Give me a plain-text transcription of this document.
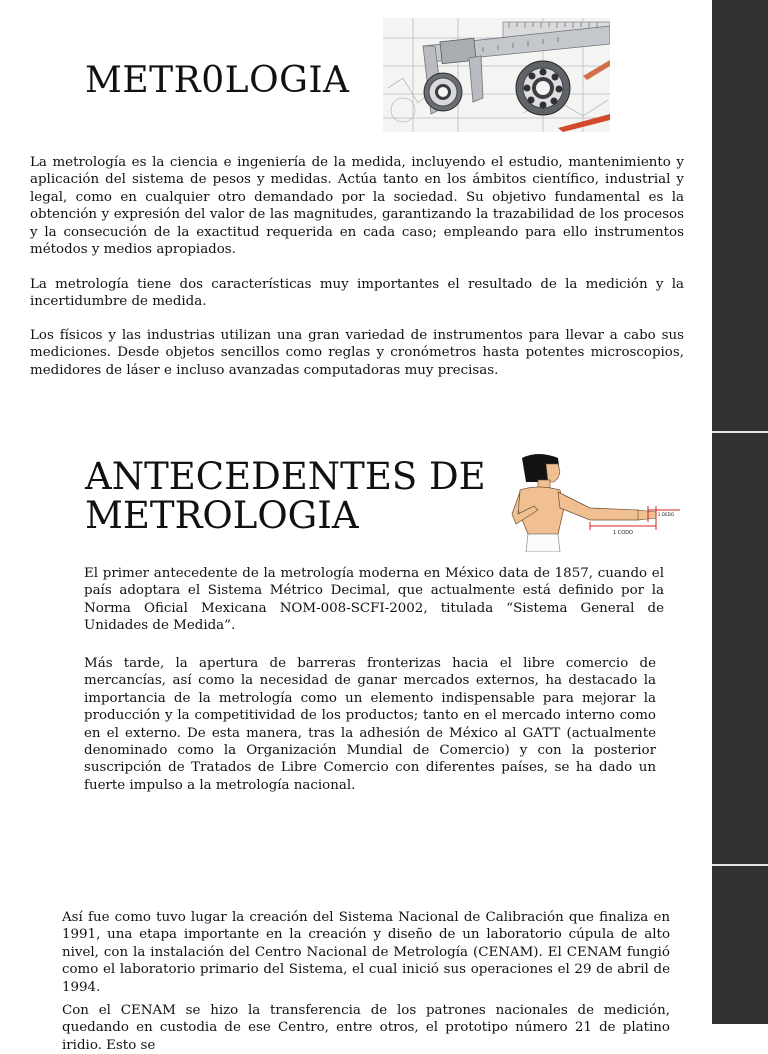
METR0LOGIA

La metrología es la ciencia e ingeniería de la medida, incluyendo el estudio, mantenimiento y aplicación del sistema de pesos y medidas. Actúa tanto en los ámbitos científico, industrial y legal, como en cualquier otro demandado por la sociedad. Su objetivo fundamental es la obtención y expresión del valor de las magnitudes, garantizando la trazabilidad de los procesos y la consecución de la exactitud requerida en cada caso; empleando para ello instrumentos métodos y medios apropiados.

La metrología tiene dos características muy importantes el resultado de la medición y la incertidumbre de medida.

Los físicos y las industrias utilizan una gran variedad de instrumentos para llevar a cabo sus mediciones. Desde objetos sencillos como reglas y cronómetros hasta potentes microscopios, medidores de láser e incluso avanzadas computadoras muy precisas.

ANTECEDENTES DE METROLOGIA	1 CODO
1 DEDO

El primer antecedente de la metrología moderna en México data de 1857, cuando el país adoptara el Sistema Métrico Decimal, que actualmente está definido por la Norma Oficial Mexicana NOM-008-SCFI-2002, titulada “Sistema General de Unidades de Medida”.

Más tarde, la apertura de barreras fronterizas hacia el libre comercio de mercancías, así como la necesidad de ganar mercados externos, ha destacado la importancia de la metrología como un elemento indispensable para mejorar la producción y la competitividad de los productos; tanto en el mercado interno como en el externo. De esta manera, tras la adhesión de México al GATT (actualmente denominado como la Organización Mundial de Comercio) y con la posterior suscripción de Tratados de Libre Comercio con diferentes países, se ha dado un fuerte impulso a la metrología nacional.

Así fue como tuvo lugar la creación del Sistema Nacional de Calibración que finaliza en 1991, una etapa importante en la creación y diseño de un laboratorio cúpula de alto nivel, con la instalación del Centro Nacional de Metrología (CENAM). El CENAM fungió como el laboratorio primario del Sistema, el cual inició sus operaciones el 29 de abril de 1994.

Con el CENAM se hizo la transferencia de los patrones nacionales de medición, quedando en custodia de ese Centro, entre otros, el prototipo número 21 de platino iridio. Esto se
